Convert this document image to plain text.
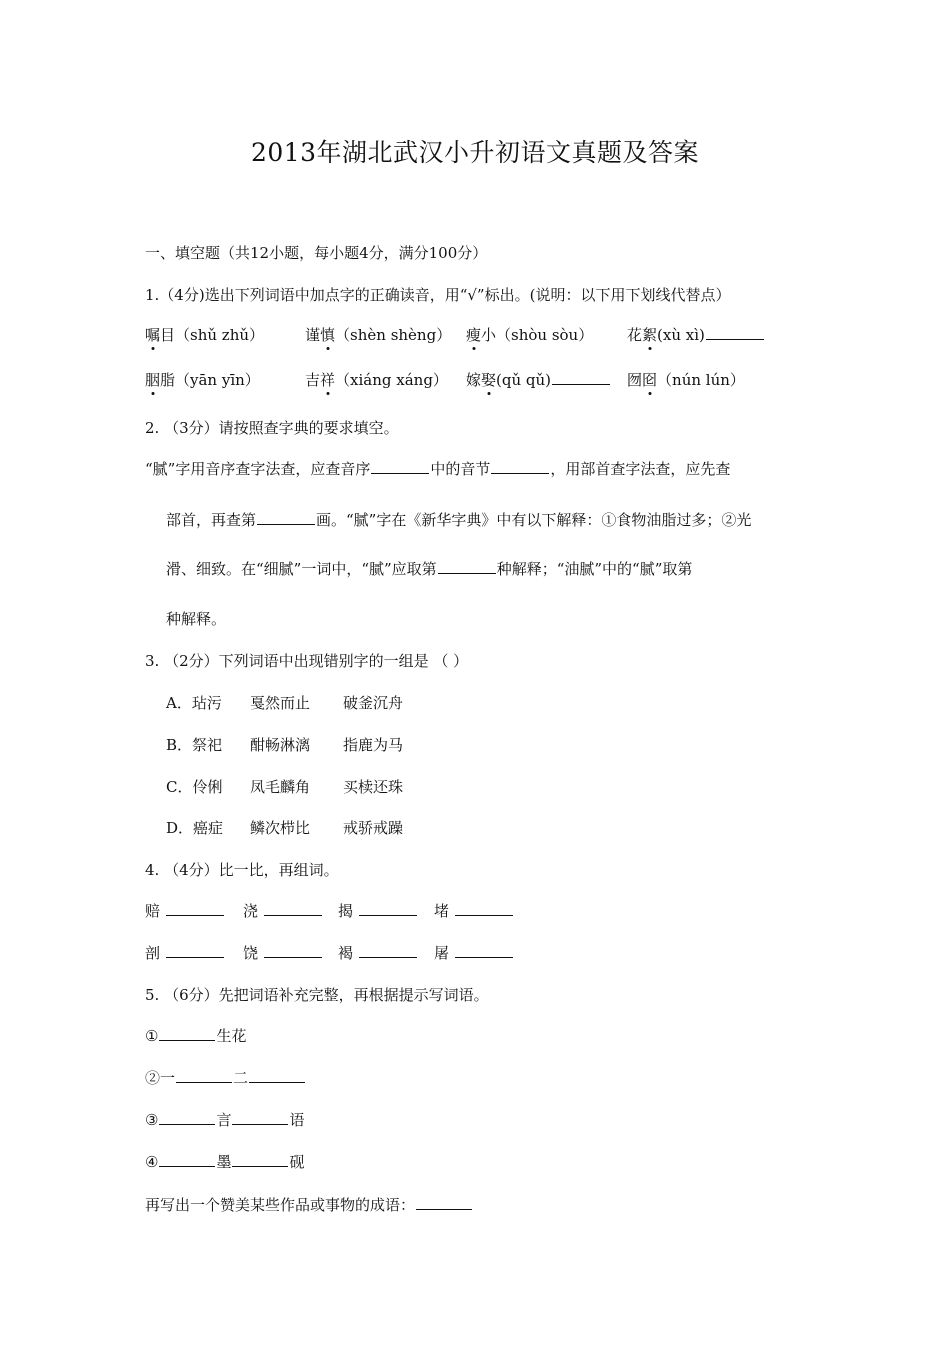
2013年湖北武汉小升初语文真题及答案
一、填空题（共12小题，每小题4分，满分100分）
1.（4分)选出下列词语中加点字的正确读音，用“√”标出。(说明：以下用下划线代替点）
嘱目（shǔ zhǔ）	谨慎（shèn shèng） 瘦小（shòu sòu） 花絮(xù xì)
胭脂（yān yīn）	吉祥（xiáng xáng） 嫁娶(qǔ qǔ)	囫囵（nún lún）
2. （3分）请按照查字典的要求填空。
“腻”字用音序查字法查，应查音序	中的音节	，用部首查字法查，应先查
部首，再查第	画。“腻”字在《新华字典》中有以下解释：①食物油脂过多；②光
滑、细致。在“细腻”一词中，“腻”应取第	种解释；“油腻”中的“腻”取第
种解释。
3. （2分）下列词语中出现错别字的一组是 （ ）
A．玷污 戛然而止 破釜沉舟
B．祭祀 酣畅淋漓 指鹿为马
C．伶俐 凤毛麟角 买椟还珠
D．癌症 鳞次栉比 戒骄戒躁
4. （4分）比一比，再组词。
赔	浇	揭	堵
剖	饶	褐	屠
5. （6分）先把词语补充完整，再根据提示写词语。
①	生花
②一	二
③	言	语
④	墨	砚
再写出一个赞美某些作品或事物的成语：
